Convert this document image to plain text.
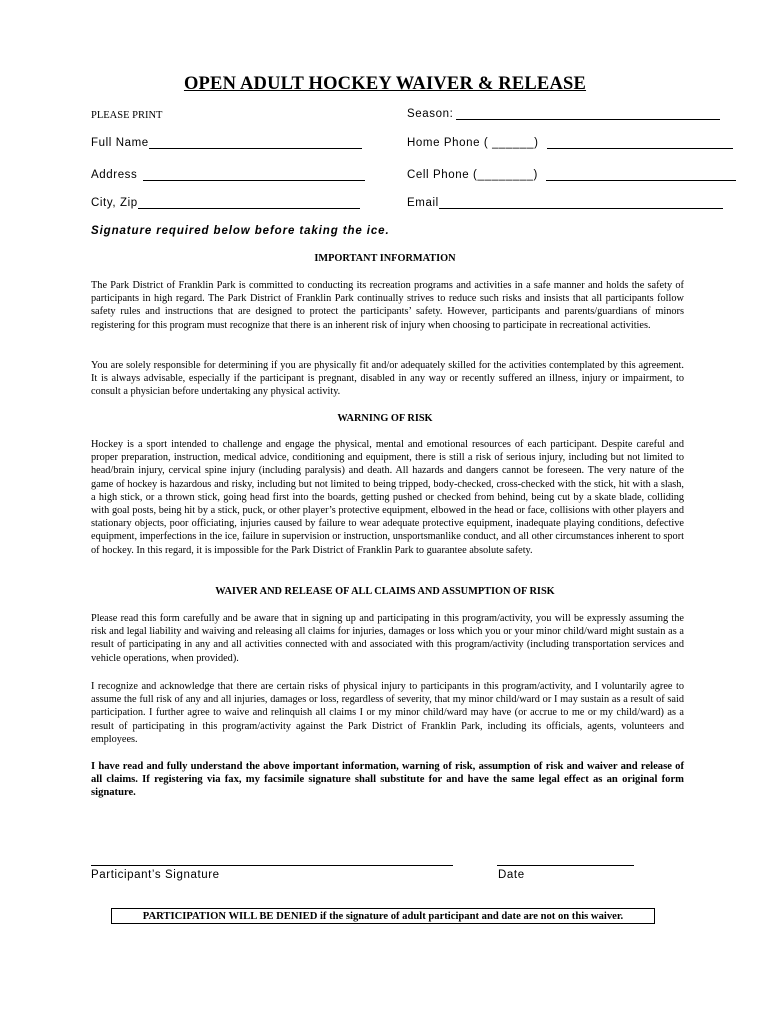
OPEN ADULT HOCKEY WAIVER & RELEASE
PLEASE PRINT	Season:
Full Name	Home Phone ( ______)
Address	Cell Phone (________)
City, Zip	Email
Signature required below before taking the ice.
IMPORTANT INFORMATION

The Park District of Franklin Park is committed to conducting its recreation programs and activities in a safe manner and holds the safety of participants in high regard. The Park District of Franklin Park continually strives to reduce such risks and insists that all participants follow safety rules and instructions that are designed to protect the participants’ safety. However, participants and parents/guardians of minors registering for this program must recognize that there is an inherent risk of injury when choosing to participate in recreational activities.

You are solely responsible for determining if you are physically fit and/or adequately skilled for the activities contemplated by this agreement. It is always advisable, especially if the participant is pregnant, disabled in any way or recently suffered an illness, injury or impairment, to consult a physician before undertaking any physical activity.

WARNING OF RISK

Hockey is a sport intended to challenge and engage the physical, mental and emotional resources of each participant. Despite careful and proper preparation, instruction, medical advice, conditioning and equipment, there is still a risk of serious injury, including but not limited to head/brain injury, cervical spine injury (including paralysis) and death. All hazards and dangers cannot be foreseen. The very nature of the game of hockey is hazardous and risky, including but not limited to being tripped, body-checked, cross-checked with the stick, hit with a slash, a high stick, or a thrown stick, going head first into the boards, getting pushed or checked from behind, being cut by a skate blade, colliding with goal posts, being hit by a stick, puck, or other player’s protective equipment, elbowed in the head or face, collisions with other players and stationary objects, poor officiating, injuries caused by failure to wear adequate protective equipment, inadequate playing conditions, defective equipment, imperfections in the ice, failure in supervision or instruction, unsportsmanlike conduct, and all other circumstances inherent to sport of hockey. In this regard, it is impossible for the Park District of Franklin Park to guarantee absolute safety.

WAIVER AND RELEASE OF ALL CLAIMS AND ASSUMPTION OF RISK

Please read this form carefully and be aware that in signing up and participating in this program/activity, you will be expressly assuming the risk and legal liability and waiving and releasing all claims for injuries, damages or loss which you or your minor child/ward might sustain as a result of participating in any and all activities connected with and associated with this program/activity (including transportation services and vehicle operations, when provided).

I recognize and acknowledge that there are certain risks of physical injury to participants in this program/activity, and I voluntarily agree to assume the full risk of any and all injuries, damages or loss, regardless of severity, that my minor child/ward or I may sustain as a result of said participation. I further agree to waive and relinquish all claims I or my minor child/ward may have (or accrue to me or my child/ward) as a result of participating in this program/activity against the Park District of Franklin Park, including its officials, agents, volunteers and employees.

I have read and fully understand the above important information, warning of risk, assumption of risk and waiver and release of all claims. If registering via fax, my facsimile signature shall substitute for and have the same legal effect as an original form signature.

Participant’s Signature	Date
PARTICIPATION WILL BE DENIED if the signature of adult participant and date are not on this waiver.
